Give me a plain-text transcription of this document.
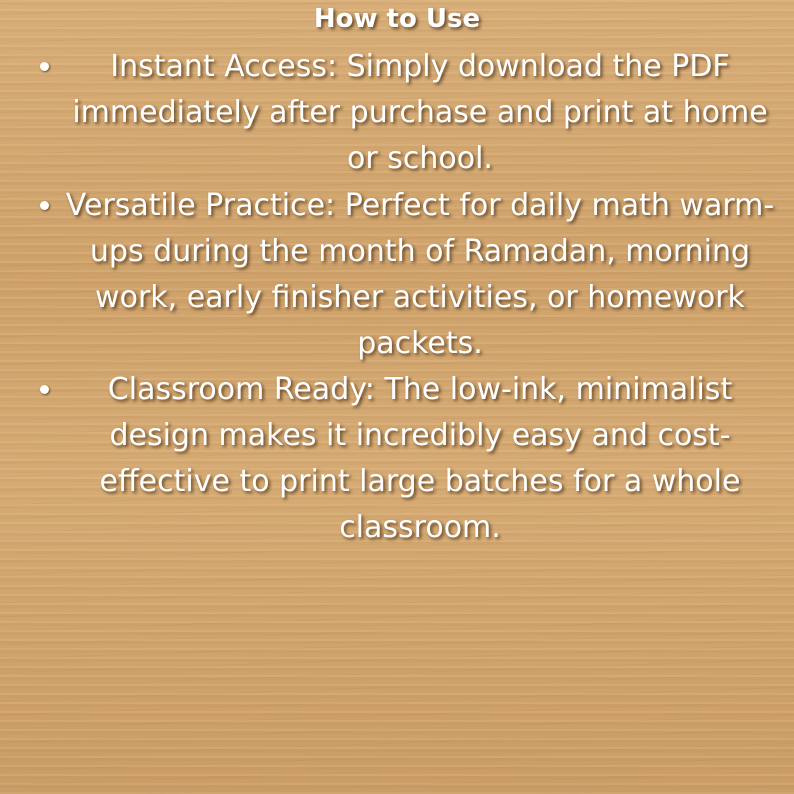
How to Use
Instant Access: Simply download the PDF immediately after purchase and print at home or school.
Versatile Practice: Perfect for daily math warm-ups during the month of Ramadan, morning work, early finisher activities, or homework packets.
Classroom Ready: The low-ink, minimalist design makes it incredibly easy and cost-effective to print large batches for a whole classroom.
